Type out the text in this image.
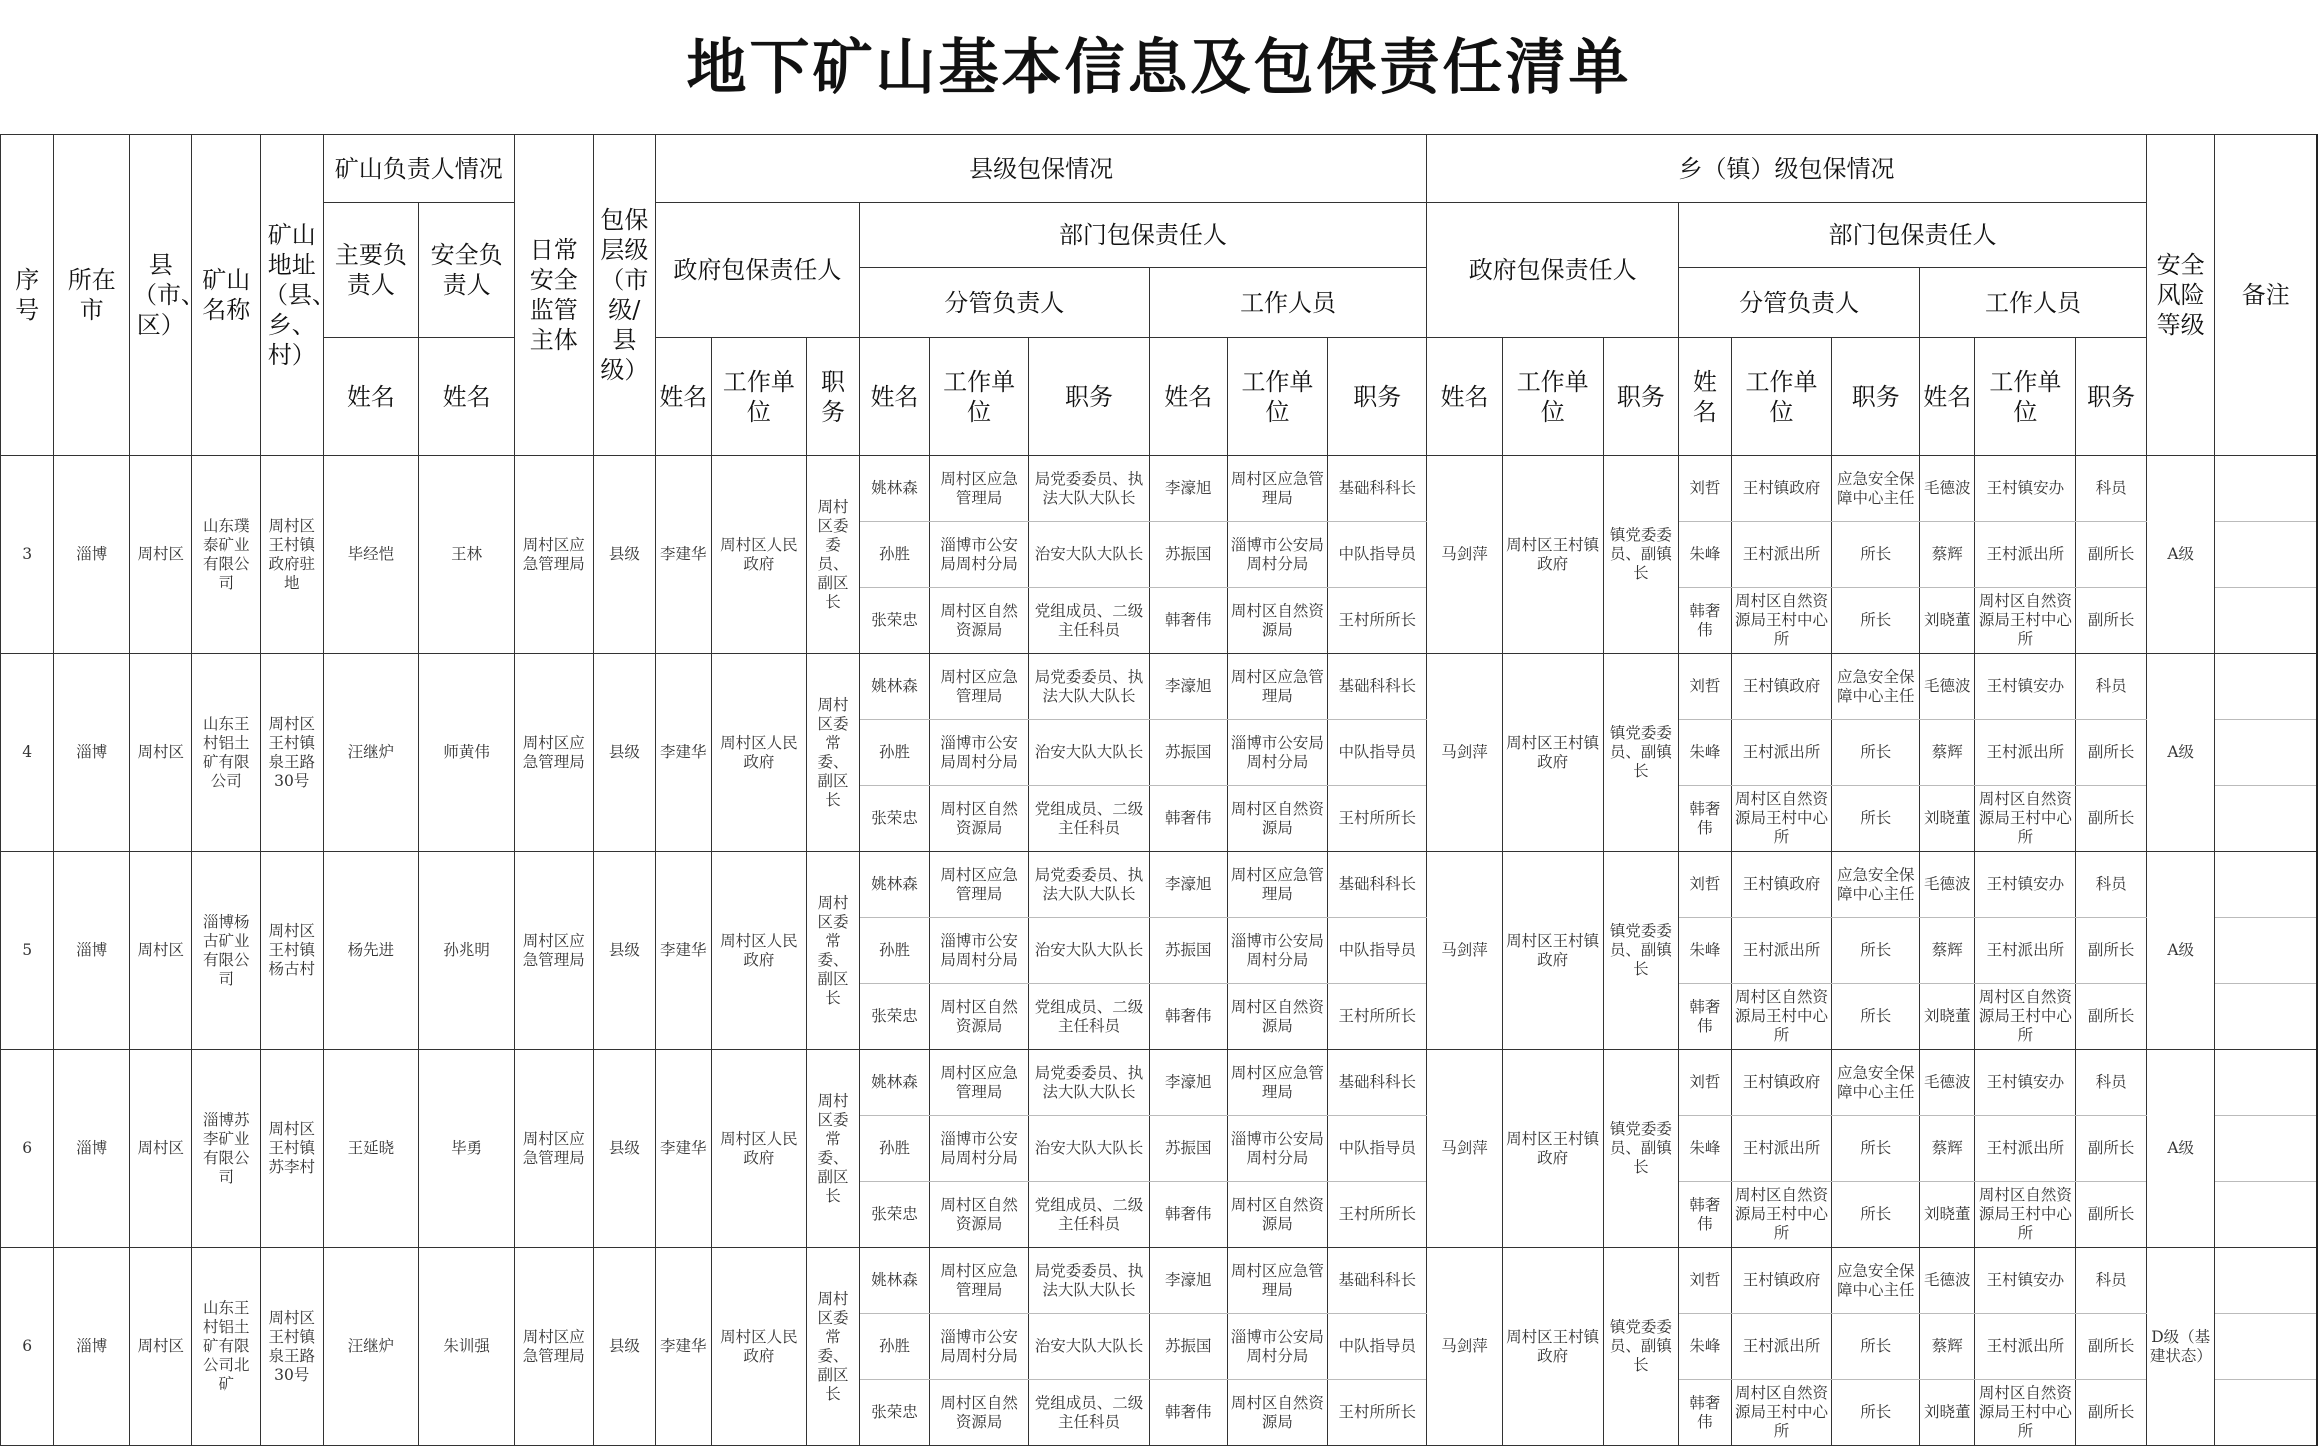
地下矿山基本信息及包保责任清单
序号	所在市	县（市、区）	矿山名称	矿山地址（县、乡、村）	矿山负责人情况		日常安全监管主体	包保层级（市级/县级）	县级包保情况									乡（镇）级包保情况									安全风险等级	备注
					主要负责人	安全负责人			政府包保责任人			部门包保责任人						政府包保责任人			部门包保责任人							
												分管负责人			工作人员						分管负责人			工作人员				
					姓名	姓名			姓名	工作单位	职务	姓名	工作单位	职务	姓名	工作单位	职务	姓名	工作单位	职务	姓名	工作单位	职务	姓名	工作单位	职务		
3	淄博	周村区	山东璞泰矿业有限公司	周村区王村镇政府驻地	毕经恺	王林	周村区应急管理局	县级	李建华	周村区人民政府	周村区委委员、副区长	姚林森	周村区应急管理局	局党委委员、执法大队大队长	李濠旭	周村区应急管理局	基础科科长	马剑萍	周村区王村镇政府	镇党委委员、副镇长	刘哲	王村镇政府	应急安全保障中心主任	毛德波	王村镇安办	科员	A级	
												孙胜	淄博市公安局周村分局	治安大队大队长	苏振国	淄博市公安局周村分局	中队指导员				朱峰	王村派出所	所长	蔡辉	王村派出所	副所长		
												张荣忠	周村区自然资源局	党组成员、二级主任科员	韩奢伟	周村区自然资源局	王村所所长				韩奢伟	周村区自然资源局王村中心所	所长	刘晓董	周村区自然资源局王村中心所	副所长		
4	淄博	周村区	山东王村铝土矿有限公司	周村区王村镇泉王路30号	汪继炉	师黄伟	周村区应急管理局	县级	李建华	周村区人民政府	周村区委常委、副区长	姚林森	周村区应急管理局	局党委委员、执法大队大队长	李濠旭	周村区应急管理局	基础科科长	马剑萍	周村区王村镇政府	镇党委委员、副镇长	刘哲	王村镇政府	应急安全保障中心主任	毛德波	王村镇安办	科员	A级	
												孙胜	淄博市公安局周村分局	治安大队大队长	苏振国	淄博市公安局周村分局	中队指导员				朱峰	王村派出所	所长	蔡辉	王村派出所	副所长		
												张荣忠	周村区自然资源局	党组成员、二级主任科员	韩奢伟	周村区自然资源局	王村所所长				韩奢伟	周村区自然资源局王村中心所	所长	刘晓董	周村区自然资源局王村中心所	副所长		
5	淄博	周村区	淄博杨古矿业有限公司	周村区王村镇杨古村	杨先进	孙兆明	周村区应急管理局	县级	李建华	周村区人民政府	周村区委常委、副区长	姚林森	周村区应急管理局	局党委委员、执法大队大队长	李濠旭	周村区应急管理局	基础科科长	马剑萍	周村区王村镇政府	镇党委委员、副镇长	刘哲	王村镇政府	应急安全保障中心主任	毛德波	王村镇安办	科员	A级	
												孙胜	淄博市公安局周村分局	治安大队大队长	苏振国	淄博市公安局周村分局	中队指导员				朱峰	王村派出所	所长	蔡辉	王村派出所	副所长		
												张荣忠	周村区自然资源局	党组成员、二级主任科员	韩奢伟	周村区自然资源局	王村所所长				韩奢伟	周村区自然资源局王村中心所	所长	刘晓董	周村区自然资源局王村中心所	副所长		
6	淄博	周村区	淄博苏李矿业有限公司	周村区王村镇苏李村	王延晓	毕勇	周村区应急管理局	县级	李建华	周村区人民政府	周村区委常委、副区长	姚林森	周村区应急管理局	局党委委员、执法大队大队长	李濠旭	周村区应急管理局	基础科科长	马剑萍	周村区王村镇政府	镇党委委员、副镇长	刘哲	王村镇政府	应急安全保障中心主任	毛德波	王村镇安办	科员	A级	
												孙胜	淄博市公安局周村分局	治安大队大队长	苏振国	淄博市公安局周村分局	中队指导员				朱峰	王村派出所	所长	蔡辉	王村派出所	副所长		
												张荣忠	周村区自然资源局	党组成员、二级主任科员	韩奢伟	周村区自然资源局	王村所所长				韩奢伟	周村区自然资源局王村中心所	所长	刘晓董	周村区自然资源局王村中心所	副所长		
6	淄博	周村区	山东王村铝土矿有限公司北矿	周村区王村镇泉王路30号	汪继炉	朱训强	周村区应急管理局	县级	李建华	周村区人民政府	周村区委常委、副区长	姚林森	周村区应急管理局	局党委委员、执法大队大队长	李濠旭	周村区应急管理局	基础科科长	马剑萍	周村区王村镇政府	镇党委委员、副镇长	刘哲	王村镇政府	应急安全保障中心主任	毛德波	王村镇安办	科员	D级（基建状态）	
												孙胜	淄博市公安局周村分局	治安大队大队长	苏振国	淄博市公安局周村分局	中队指导员				朱峰	王村派出所	所长	蔡辉	王村派出所	副所长		
												张荣忠	周村区自然资源局	党组成员、二级主任科员	韩奢伟	周村区自然资源局	王村所所长				韩奢伟	周村区自然资源局王村中心所	所长	刘晓董	周村区自然资源局王村中心所	副所长		
